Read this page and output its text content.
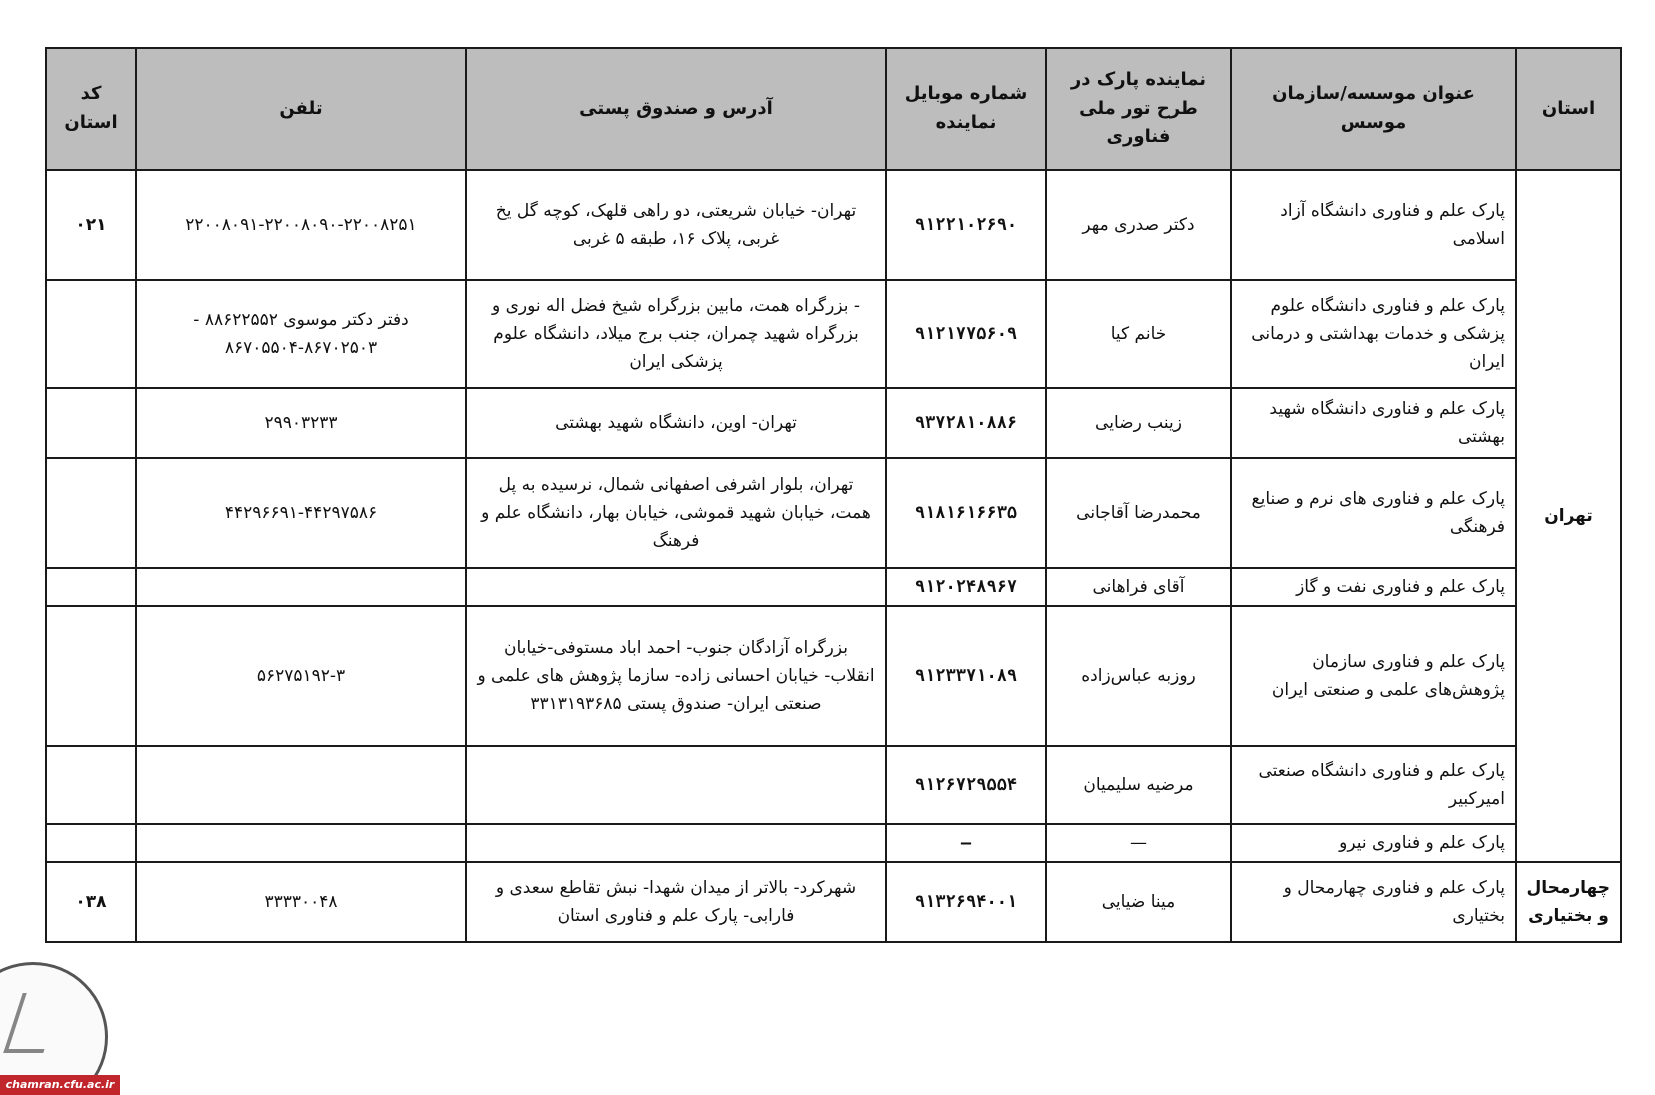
استان	عنوان موسسه/سازمان موسس	نماینده پارک در طرح تور ملی فناوری	شماره موبایل نماینده	آدرس و صندوق پستی	تلفن	کد استان
تهران	پارک علم و فناوری دانشگاه آزاد اسلامی	دکتر صدری مهر	۹۱۲۲۱۰۲۶۹۰	تهران- خیابان شریعتی، دو راهی قلهک، کوچه گل یخ غربی، پلاک ۱۶، طبقه ۵ غربی	۲۲۰۰۸۰۹۱-۲۲۰۰۸۰۹۰-۲۲۰۰۸۲۵۱	۰۲۱
	پارک علم و فناوری دانشگاه علوم پزشکی و خدمات بهداشتی و درمانی ایران	خانم کیا	۹۱۲۱۷۷۵۶۰۹	- بزرگراه همت، مابین بزرگراه شیخ فضل اله نوری و بزرگراه شهید چمران، جنب برج میلاد، دانشگاه علوم پزشکی ایران	دفتر دکتر موسوی ۸۸۶۲۲۵۵۲ - ۸۶۷۰۲۵۰۳-۸۶۷۰۵۵۰۴	
	پارک علم و فناوری دانشگاه شهید بهشتی	زینب رضایی	۹۳۷۲۸۱۰۸۸۶	تهران- اوین، دانشگاه شهید بهشتی	۲۹۹۰۳۲۳۳	
	پارک علم و فناوری های نرم و صنایع فرهنگی	محمدرضا آقاجانی	۹۱۸۱۶۱۶۶۳۵	تهران، بلوار اشرفی اصفهانی شمال، نرسیده به پل همت، خیابان شهید قموشی، خیابان بهار، دانشگاه علم و فرهنگ	۴۴۲۹۶۶۹۱-۴۴۲۹۷۵۸۶	
	پارک علم و فناوری نفت و گاز	آقای فراهانی	۹۱۲۰۲۴۸۹۶۷			
	پارک علم و فناوری سازمان پژوهش‌های علمی و صنعتی ایران	روزبه عباس‌زاده	۹۱۲۳۳۷۱۰۸۹	بزرگراه آزادگان جنوب- احمد اباد مستوفی-خیابان انقلاب- خیابان احسانی زاده- سازما پژوهش های علمی و صنعتی ایران- صندوق پستی ۳۳۱۳۱۹۳۶۸۵	۵۶۲۷۵۱۹۲-۳	
	پارک علم و فناوری دانشگاه صنعتی امیرکبیر	مرضیه سلیمیان	۹۱۲۶۷۲۹۵۵۴			
	پارک علم و فناوری نیرو	—	—			
چهارمحال و بختیاری	پارک علم و فناوری چهارمحال و بختیاری	مینا ضیایی	۹۱۳۲۶۹۴۰۰۱	شهرکرد- بالاتر از میدان شهدا- نبش تقاطع سعدی و فارابی- پارک علم و فناوری استان	۳۳۳۳۰۰۴۸	۰۳۸
chamran.cfu.ac.ir
